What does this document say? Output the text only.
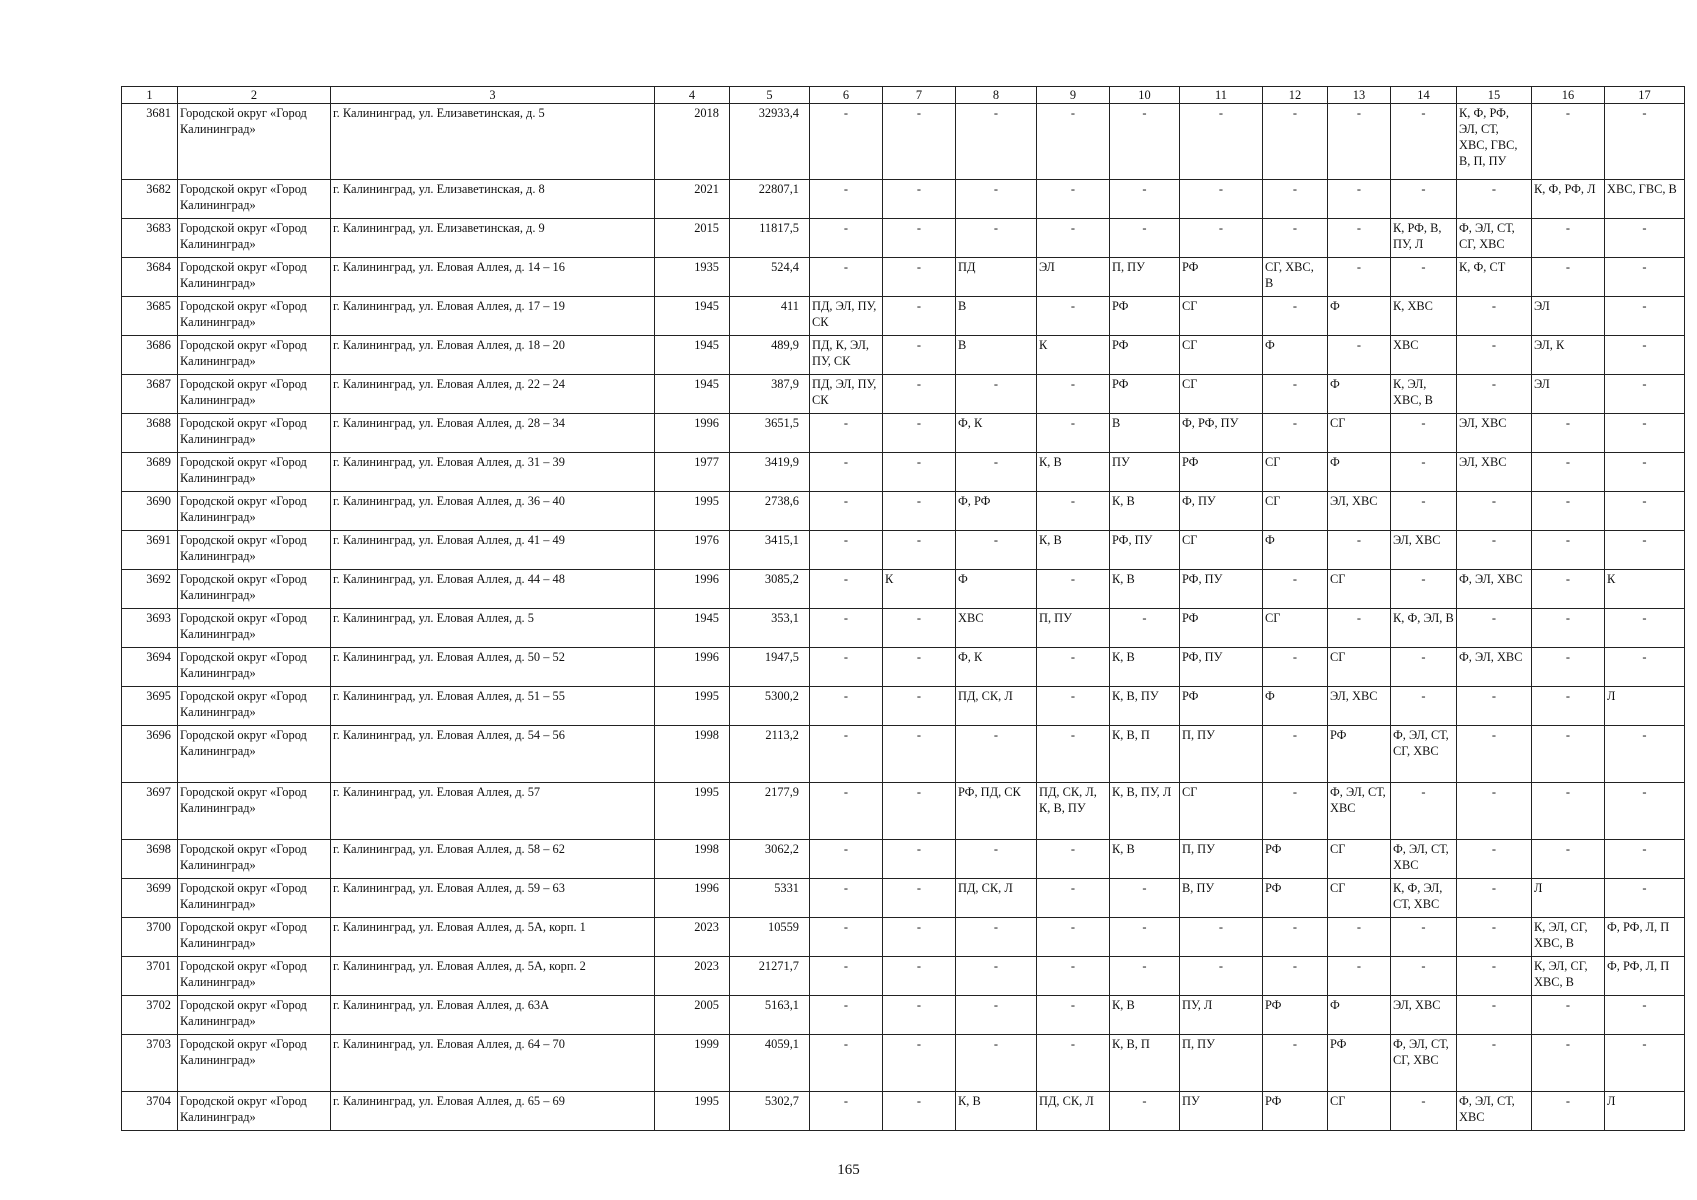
1	2	3	4	5	6	7	8	9	10	11	12	13	14	15	16	17
3681	Городской округ «Город Калининград»	г. Калининград, ул. Елизаветинская, д. 5	2018	32933,4	-	-	-	-	-	-	-	-	-	К, Ф, РФ, ЭЛ, СТ, ХВС, ГВС, В, П, ПУ	-	-
3682	Городской округ «Город Калининград»	г. Калининград, ул. Елизаветинская, д. 8	2021	22807,1	-	-	-	-	-	-	-	-	-	-	К, Ф, РФ, Л	ХВС, ГВС, В
3683	Городской округ «Город Калининград»	г. Калининград, ул. Елизаветинская, д. 9	2015	11817,5	-	-	-	-	-	-	-	-	К, РФ, В, ПУ, Л	Ф, ЭЛ, СТ, СГ, ХВС	-	-
3684	Городской округ «Город Калининград»	г. Калининград, ул. Еловая Аллея, д. 14 – 16	1935	524,4	-	-	ПД	ЭЛ	П, ПУ	РФ	СГ, ХВС, В	-	-	К, Ф, СТ	-	-
3685	Городской округ «Город Калининград»	г. Калининград, ул. Еловая Аллея, д. 17 – 19	1945	411	ПД, ЭЛ, ПУ, СК	-	В	-	РФ	СГ	-	Ф	К, ХВС	-	ЭЛ	-
3686	Городской округ «Город Калининград»	г. Калининград, ул. Еловая Аллея, д. 18 – 20	1945	489,9	ПД, К, ЭЛ, ПУ, СК	-	В	К	РФ	СГ	Ф	-	ХВС	-	ЭЛ, К	-
3687	Городской округ «Город Калининград»	г. Калининград, ул. Еловая Аллея, д. 22 – 24	1945	387,9	ПД, ЭЛ, ПУ, СК	-	-	-	РФ	СГ	-	Ф	К, ЭЛ, ХВС, В	-	ЭЛ	-
3688	Городской округ «Город Калининград»	г. Калининград, ул. Еловая Аллея, д. 28 – 34	1996	3651,5	-	-	Ф, К	-	В	Ф, РФ, ПУ	-	СГ	-	ЭЛ, ХВС	-	-
3689	Городской округ «Город Калининград»	г. Калининград, ул. Еловая Аллея, д. 31 – 39	1977	3419,9	-	-	-	К, В	ПУ	РФ	СГ	Ф	-	ЭЛ, ХВС	-	-
3690	Городской округ «Город Калининград»	г. Калининград, ул. Еловая Аллея, д. 36 – 40	1995	2738,6	-	-	Ф, РФ	-	К, В	Ф, ПУ	СГ	ЭЛ, ХВС	-	-	-	-
3691	Городской округ «Город Калининград»	г. Калининград, ул. Еловая Аллея, д. 41 – 49	1976	3415,1	-	-	-	К, В	РФ, ПУ	СГ	Ф	-	ЭЛ, ХВС	-	-	-
3692	Городской округ «Город Калининград»	г. Калининград, ул. Еловая Аллея, д. 44 – 48	1996	3085,2	-	К	Ф	-	К, В	РФ, ПУ	-	СГ	-	Ф, ЭЛ, ХВС	-	К
3693	Городской округ «Город Калининград»	г. Калининград, ул. Еловая Аллея, д. 5	1945	353,1	-	-	ХВС	П, ПУ	-	РФ	СГ	-	К, Ф, ЭЛ, В	-	-	-
3694	Городской округ «Город Калининград»	г. Калининград, ул. Еловая Аллея, д. 50 – 52	1996	1947,5	-	-	Ф, К	-	К, В	РФ, ПУ	-	СГ	-	Ф, ЭЛ, ХВС	-	-
3695	Городской округ «Город Калининград»	г. Калининград, ул. Еловая Аллея, д. 51 – 55	1995	5300,2	-	-	ПД, СК, Л	-	К, В, ПУ	РФ	Ф	ЭЛ, ХВС	-	-	-	Л
3696	Городской округ «Город Калининград»	г. Калининград, ул. Еловая Аллея, д. 54 – 56	1998	2113,2	-	-	-	-	К, В, П	П, ПУ	-	РФ	Ф, ЭЛ, СТ, СГ, ХВС	-	-	-
3697	Городской округ «Город Калининград»	г. Калининград, ул. Еловая Аллея, д. 57	1995	2177,9	-	-	РФ, ПД, СК	ПД, СК, Л, К, В, ПУ	К, В, ПУ, Л	СГ	-	Ф, ЭЛ, СТ, ХВС	-	-	-	-
3698	Городской округ «Город Калининград»	г. Калининград, ул. Еловая Аллея, д. 58 – 62	1998	3062,2	-	-	-	-	К, В	П, ПУ	РФ	СГ	Ф, ЭЛ, СТ, ХВС	-	-	-
3699	Городской округ «Город Калининград»	г. Калининград, ул. Еловая Аллея, д. 59 – 63	1996	5331	-	-	ПД, СК, Л	-	-	В, ПУ	РФ	СГ	К, Ф, ЭЛ, СТ, ХВС	-	Л	-
3700	Городской округ «Город Калининград»	г. Калининград, ул. Еловая Аллея, д. 5А, корп. 1	2023	10559	-	-	-	-	-	-	-	-	-	-	К, ЭЛ, СГ, ХВС, В	Ф, РФ, Л, П
3701	Городской округ «Город Калининград»	г. Калининград, ул. Еловая Аллея, д. 5А, корп. 2	2023	21271,7	-	-	-	-	-	-	-	-	-	-	К, ЭЛ, СГ, ХВС, В	Ф, РФ, Л, П
3702	Городской округ «Город Калининград»	г. Калининград, ул. Еловая Аллея, д. 63А	2005	5163,1	-	-	-	-	К, В	ПУ, Л	РФ	Ф	ЭЛ, ХВС	-	-	-
3703	Городской округ «Город Калининград»	г. Калининград, ул. Еловая Аллея, д. 64 – 70	1999	4059,1	-	-	-	-	К, В, П	П, ПУ	-	РФ	Ф, ЭЛ, СТ, СГ, ХВС	-	-	-
3704	Городской округ «Город Калининград»	г. Калининград, ул. Еловая Аллея, д. 65 – 69	1995	5302,7	-	-	К, В	ПД, СК, Л	-	ПУ	РФ	СГ	-	Ф, ЭЛ, СТ, ХВС	-	Л
165
